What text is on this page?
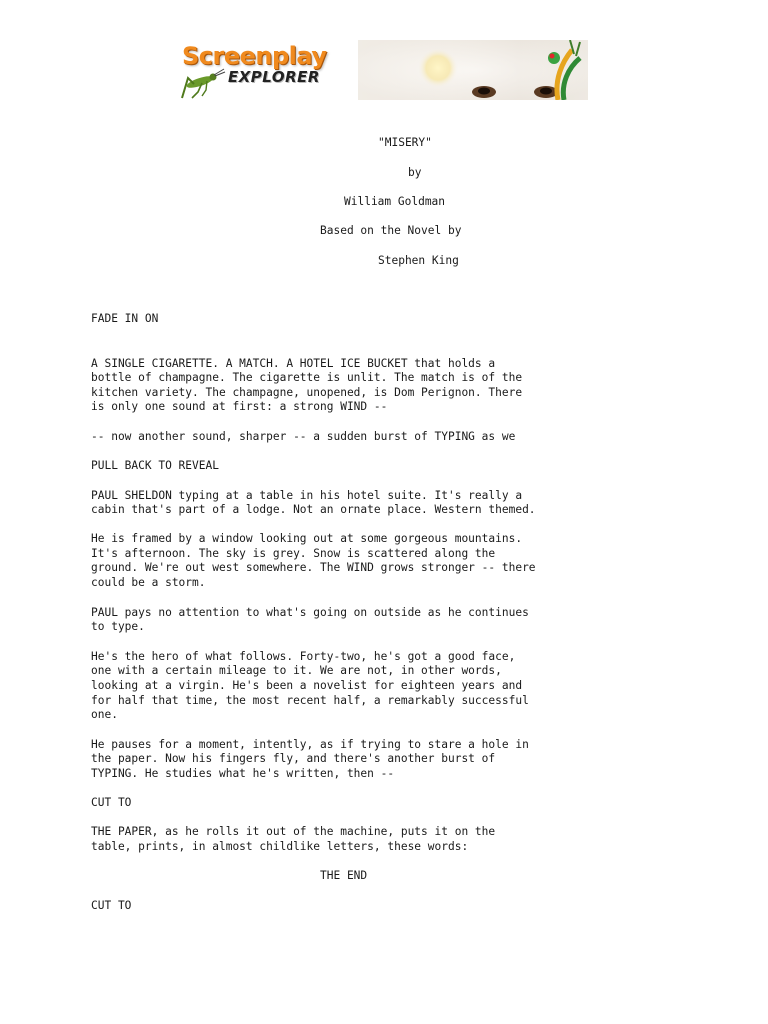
Screenplay
EXPLORER

"MISERY"

by

William Goldman

Based on the Novel by

Stephen King

FADE IN ON

A SINGLE CIGARETTE. A MATCH. A HOTEL ICE BUCKET that holds a

bottle of champagne. The cigarette is unlit. The match is of the

kitchen variety. The champagne, unopened, is Dom Perignon. There

is only one sound at first: a strong WIND --

-- now another sound, sharper -- a sudden burst of TYPING as we

PULL BACK TO REVEAL

PAUL SHELDON typing at a table in his hotel suite. It's really a

cabin that's part of a lodge. Not an ornate place. Western themed.

He is framed by a window looking out at some gorgeous mountains.

It's afternoon. The sky is grey. Snow is scattered along the

ground. We're out west somewhere. The WIND grows stronger -- there

could be a storm.

PAUL pays no attention to what's going on outside as he continues

to type.

He's the hero of what follows. Forty-two, he's got a good face,

one with a certain mileage to it. We are not, in other words,

looking at a virgin. He's been a novelist for eighteen years and

for half that time, the most recent half, a remarkably successful

one.

He pauses for a moment, intently, as if trying to stare a hole in

the paper. Now his fingers fly, and there's another burst of

TYPING. He studies what he's written, then --

CUT TO

THE PAPER, as he rolls it out of the machine, puts it on the

table, prints, in almost childlike letters, these words:

THE END

CUT TO
